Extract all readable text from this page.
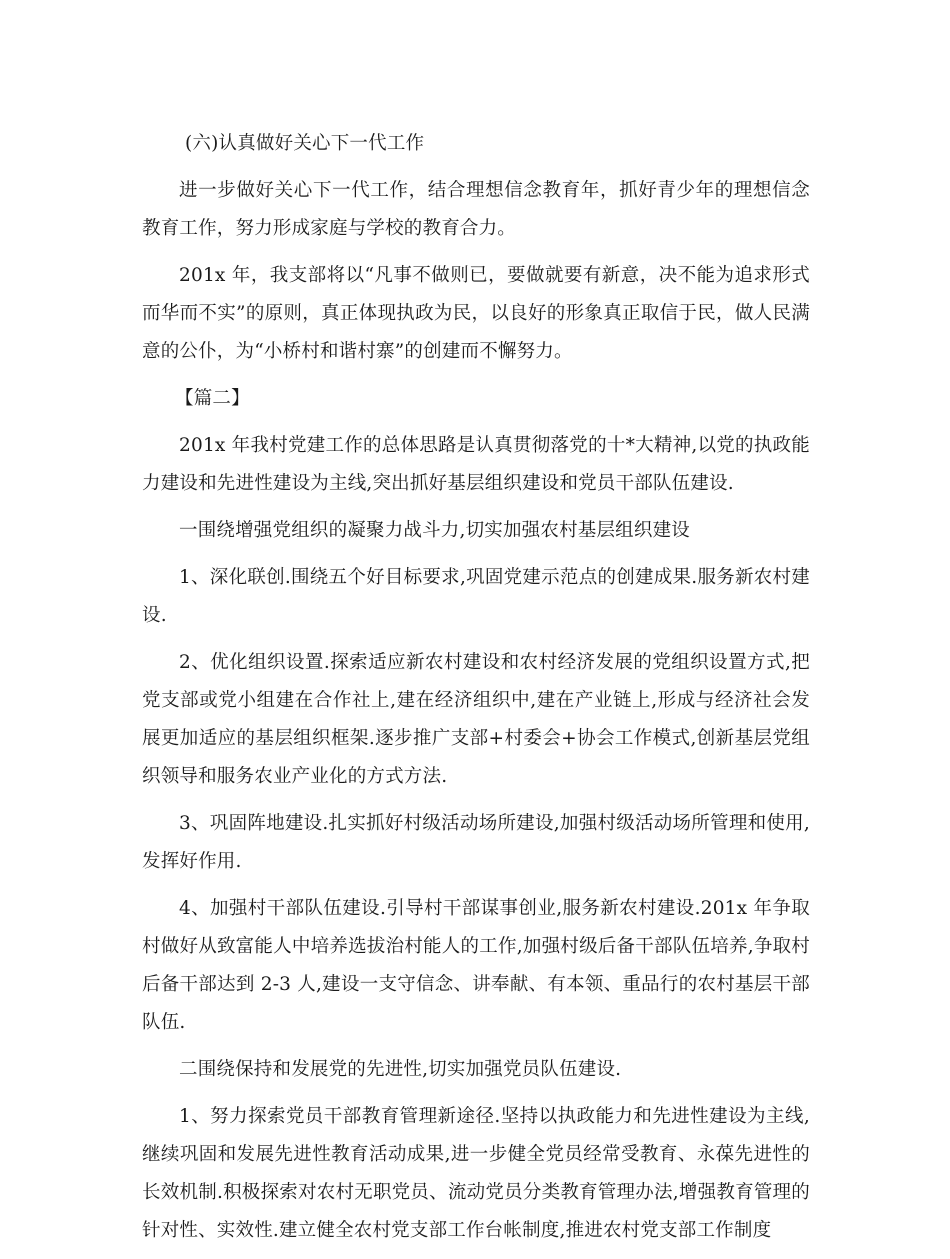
(六)认真做好关心下一代工作

进一步做好关心下一代工作，结合理想信念教育年，抓好青少年的理想信念教育工作，努力形成家庭与学校的教育合力。

201x 年，我支部将以“凡事不做则已，要做就要有新意，决不能为追求形式而华而不实”的原则，真正体现执政为民，以良好的形象真正取信于民，做人民满意的公仆，为“小桥村和谐村寨”的创建而不懈努力。

【篇二】

201x 年我村党建工作的总体思路是认真贯彻落党的十*大精神,以党的执政能力建设和先进性建设为主线,突出抓好基层组织建设和党员干部队伍建设.

一围绕增强党组织的凝聚力战斗力,切实加强农村基层组织建设

1、深化联创.围绕五个好目标要求,巩固党建示范点的创建成果.服务新农村建设.

2、优化组织设置.探索适应新农村建设和农村经济发展的党组织设置方式,把党支部或党小组建在合作社上,建在经济组织中,建在产业链上,形成与经济社会发展更加适应的基层组织框架.逐步推广支部+村委会+协会工作模式,创新基层党组织领导和服务农业产业化的方式方法.

3、巩固阵地建设.扎实抓好村级活动场所建设,加强村级活动场所管理和使用,发挥好作用.

4、加强村干部队伍建设.引导村干部谋事创业,服务新农村建设.201x 年争取村做好从致富能人中培养选拔治村能人的工作,加强村级后备干部队伍培养,争取村后备干部达到 2-3 人,建设一支守信念、讲奉献、有本领、重品行的农村基层干部队伍.

二围绕保持和发展党的先进性,切实加强党员队伍建设.

1、努力探索党员干部教育管理新途径.坚持以执政能力和先进性建设为主线,继续巩固和发展先进性教育活动成果,进一步健全党员经常受教育、永葆先进性的长效机制.积极探索对农村无职党员、流动党员分类教育管理办法,增强教育管理的针对性、实效性.建立健全农村党支部工作台帐制度,推进农村党支部工作制度
